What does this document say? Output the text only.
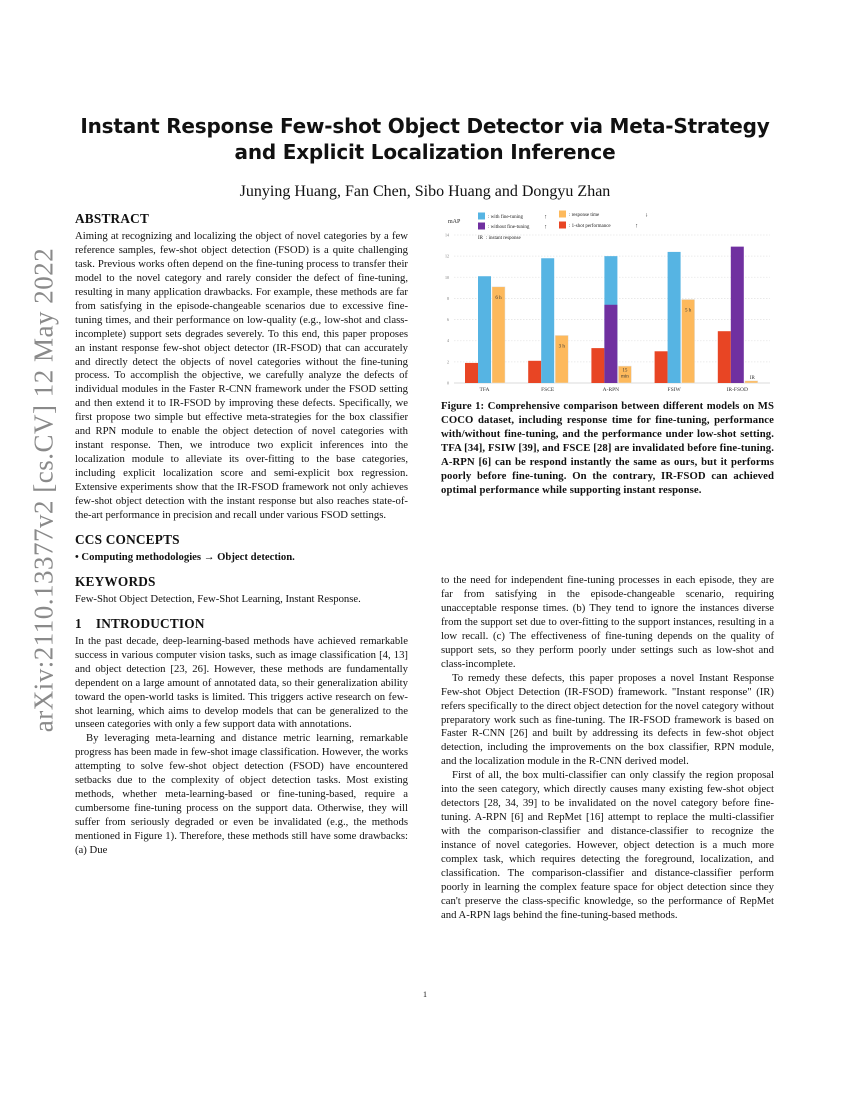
arXiv:2110.13377v2 [cs.CV] 12 May 2022
Instant Response Few-shot Object Detector via Meta-Strategy and Explicit Localization Inference
Junying Huang, Fan Chen, Sibo Huang and Dongyu Zhan
ABSTRACT

Aiming at recognizing and localizing the object of novel categories by a few reference samples, few-shot object detection (FSOD) is a quite challenging task. Previous works often depend on the fine-tuning process to transfer their model to the novel category and rarely consider the defect of fine-tuning, resulting in many application drawbacks. For example, these methods are far from satisfying in the episode-changeable scenarios due to excessive fine-tuning times, and their performance on low-quality (e.g., low-shot and class-incomplete) support sets degrades severely. To this end, this paper proposes an instant response few-shot object detector (IR-FSOD) that can accurately and directly detect the objects of novel categories without the fine-tuning process. To accomplish the objective, we carefully analyze the defects of individual modules in the Faster R-CNN framework under the FSOD setting and then extend it to IR-FSOD by improving these defects. Specifically, we first propose two simple but effective meta-strategies for the box classifier and RPN module to enable the object detection of novel categories with instant response. Then, we introduce two explicit inferences into the localization module to alleviate its over-fitting to the base categories, including explicit localization score and semi-explicit box regression. Extensive experiments show that the IR-FSOD framework not only achieves few-shot object detection with the instant response but also reaches state-of-the-art performance in precision and recall under various FSOD settings.

CCS CONCEPTS

• Computing methodologies → Object detection.

KEYWORDS

Few-Shot Object Detection, Few-Shot Learning, Instant Response.

1 INTRODUCTION

In the past decade, deep-learning-based methods have achieved remarkable success in various computer vision tasks, such as image classification [4, 13] and object detection [23, 26]. However, these methods are fundamentally dependent on a large amount of annotated data, so their generalization ability toward the open-world tasks is limited. This triggers active research on few-shot learning, which aims to develop models that can be generalized to the unseen categories with only a few support data with annotations.

By leveraging meta-learning and distance metric learning, remarkable progress has been made in few-shot image classification. However, the works attempting to solve few-shot object detection (FSOD) have encountered setbacks due to the complexity of object detection tasks. Most existing methods, whether meta-learning-based or fine-tuning-based, require a cumbersome fine-tuning process on the support data. Otherwise, they will suffer from seriously degraded or even be invalidated (e.g., the methods mentioned in Figure 1). Therefore, these methods still have some drawbacks: (a) Due

0
2
4
6
8
10
12
14
mAP
: with fine-tuning	↑
: without fine-tuning ↑
: response time	↓
: 1-shot performance	↑
IR : instant response
6 h
TFA
3 h
FSCE
15
min
A-RPN
5 h
FSIW
IR
IR-FSOD
Figure 1: Comprehensive comparison between different models on MS COCO dataset, including response time for fine-tuning, performance with/without fine-tuning, and the performance under low-shot setting. TFA [34], FSIW [39], and FSCE [28] are invalidated before fine-tuning. A-RPN [6] can be respond instantly the same as ours, but it performs poorly before fine-tuning. On the contrary, IR-FSOD can achieved optimal performance while supporting instant response.

to the need for independent fine-tuning processes in each episode, they are far from satisfying in the episode-changeable scenario, requiring unacceptable response times. (b) They tend to ignore the instances diverse from the support set due to over-fitting to the support instances, resulting in a low recall. (c) The effectiveness of fine-tuning depends on the quality of support sets, so they perform poorly under settings such as low-shot and class-incomplete.

To remedy these defects, this paper proposes a novel Instant Response Few-shot Object Detection (IR-FSOD) framework. "Instant response" (IR) refers specifically to the direct object detection for the novel category without preparatory work such as fine-tuning. The IR-FSOD framework is based on Faster R-CNN [26] and built by addressing its defects in few-shot object detection, including the improvements on the box classifier, RPN module, and the localization module in the R-CNN derived model.

First of all, the box multi-classifier can only classify the region proposal into the seen category, which directly causes many existing few-shot object detectors [28, 34, 39] to be invalidated on the novel category before fine-tuning. A-RPN [6] and RepMet [16] attempt to replace the multi-classifier with the comparison-classifier and distance-classifier to recognize the instance of novel categories. However, object detection is a much more complex task, which requires detecting the foreground, localization, and classification. The comparison-classifier and distance-classifier perform poorly in learning the complex feature space for object detection since they can't preserve the class-specific knowledge, so the performance of RepMet and A-RPN lags behind the fine-tuning-based methods.

1
